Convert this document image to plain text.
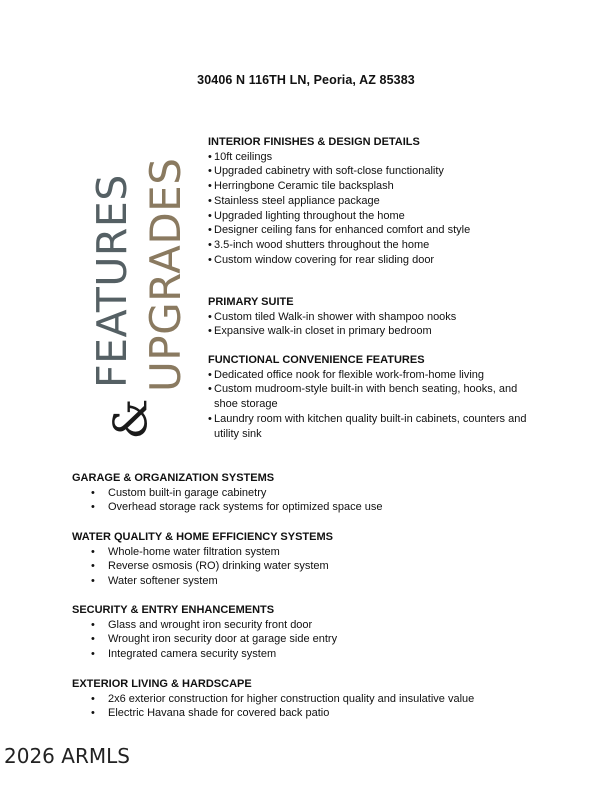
30406 N 116TH LN, Peoria, AZ 85383
FEATURES
&
UPGRADES
INTERIOR FINISHES & DESIGN DETAILS
• 10ft ceilings
• Upgraded cabinetry with soft-close functionality
• Herringbone Ceramic tile backsplash
• Stainless steel appliance package
• Upgraded lighting throughout the home
• Designer ceiling fans for enhanced comfort and style
• 3.5-inch wood shutters throughout the home
• Custom window covering for rear sliding door
PRIMARY SUITE
• Custom tiled Walk-in shower with shampoo nooks
• Expansive walk-in closet in primary bedroom
FUNCTIONAL CONVENIENCE FEATURES
• Dedicated office nook for flexible work-from-home living
• Custom mudroom-style built-in with bench seating, hooks, and shoe storage
• Laundry room with kitchen quality built-in cabinets, counters and utility sink
GARAGE & ORGANIZATION SYSTEMS
• Custom built-in garage cabinetry
• Overhead storage rack systems for optimized space use
WATER QUALITY & HOME EFFICIENCY SYSTEMS
• Whole-home water filtration system
• Reverse osmosis (RO) drinking water system
• Water softener system
SECURITY & ENTRY ENHANCEMENTS
• Glass and wrought iron security front door
• Wrought iron security door at garage side entry
• Integrated camera security system
EXTERIOR LIVING & HARDSCAPE
• 2x6 exterior construction for higher construction quality and insulative value
• Electric Havana shade for covered back patio
2026 ARMLS
